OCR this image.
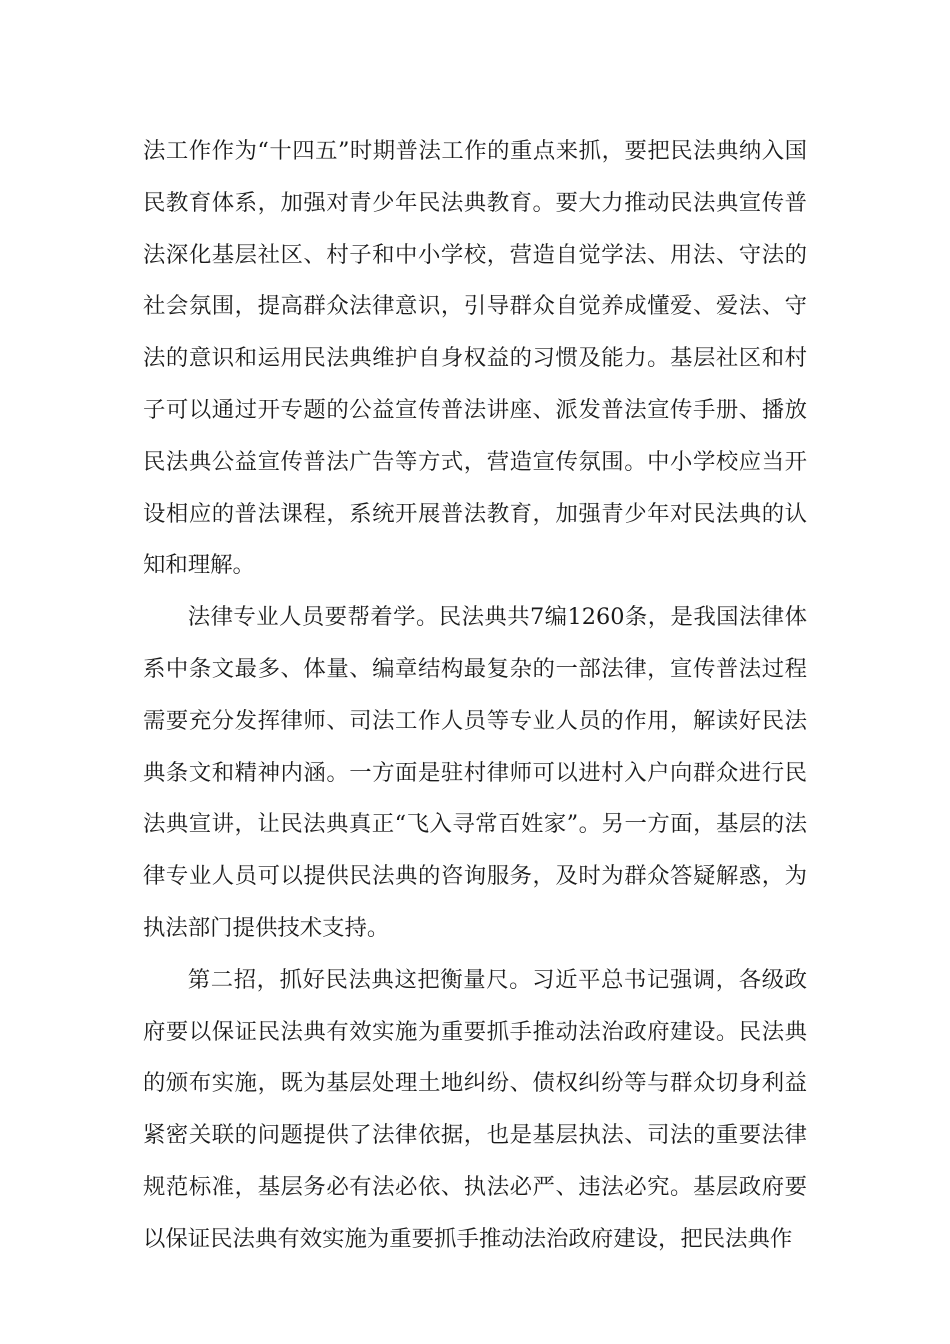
法工作作为“十四五”时期普法工作的重点来抓，要把民法典纳入国民教育体系，加强对青少年民法典教育。要大力推动民法典宣传普法深化基层社区、村子和中小学校，营造自觉学法、用法、守法的社会氛围，提高群众法律意识，引导群众自觉养成懂爱、爱法、守法的意识和运用民法典维护自身权益的习惯及能力。基层社区和村子可以通过开专题的公益宣传普法讲座、派发普法宣传手册、播放民法典公益宣传普法广告等方式，营造宣传氛围。中小学校应当开设相应的普法课程，系统开展普法教育，加强青少年对民法典的认知和理解。

法律专业人员要帮着学。民法典共7编1260条，是我国法律体系中条文最多、体量、编章结构最复杂的一部法律，宣传普法过程需要充分发挥律师、司法工作人员等专业人员的作用，解读好民法典条文和精神内涵。一方面是驻村律师可以进村入户向群众进行民法典宣讲，让民法典真正“飞入寻常百姓家”。另一方面，基层的法律专业人员可以提供民法典的咨询服务，及时为群众答疑解惑，为执法部门提供技术支持。

第二招，抓好民法典这把衡量尺。习近平总书记强调，各级政府要以保证民法典有效实施为重要抓手推动法治政府建设。民法典的颁布实施，既为基层处理土地纠纷、债权纠纷等与群众切身利益紧密关联的问题提供了法律依据，也是基层执法、司法的重要法律规范标准，基层务必有法必依、执法必严、违法必究。基层政府要以保证民法典有效实施为重要抓手推动法治政府建设，把民法典作
